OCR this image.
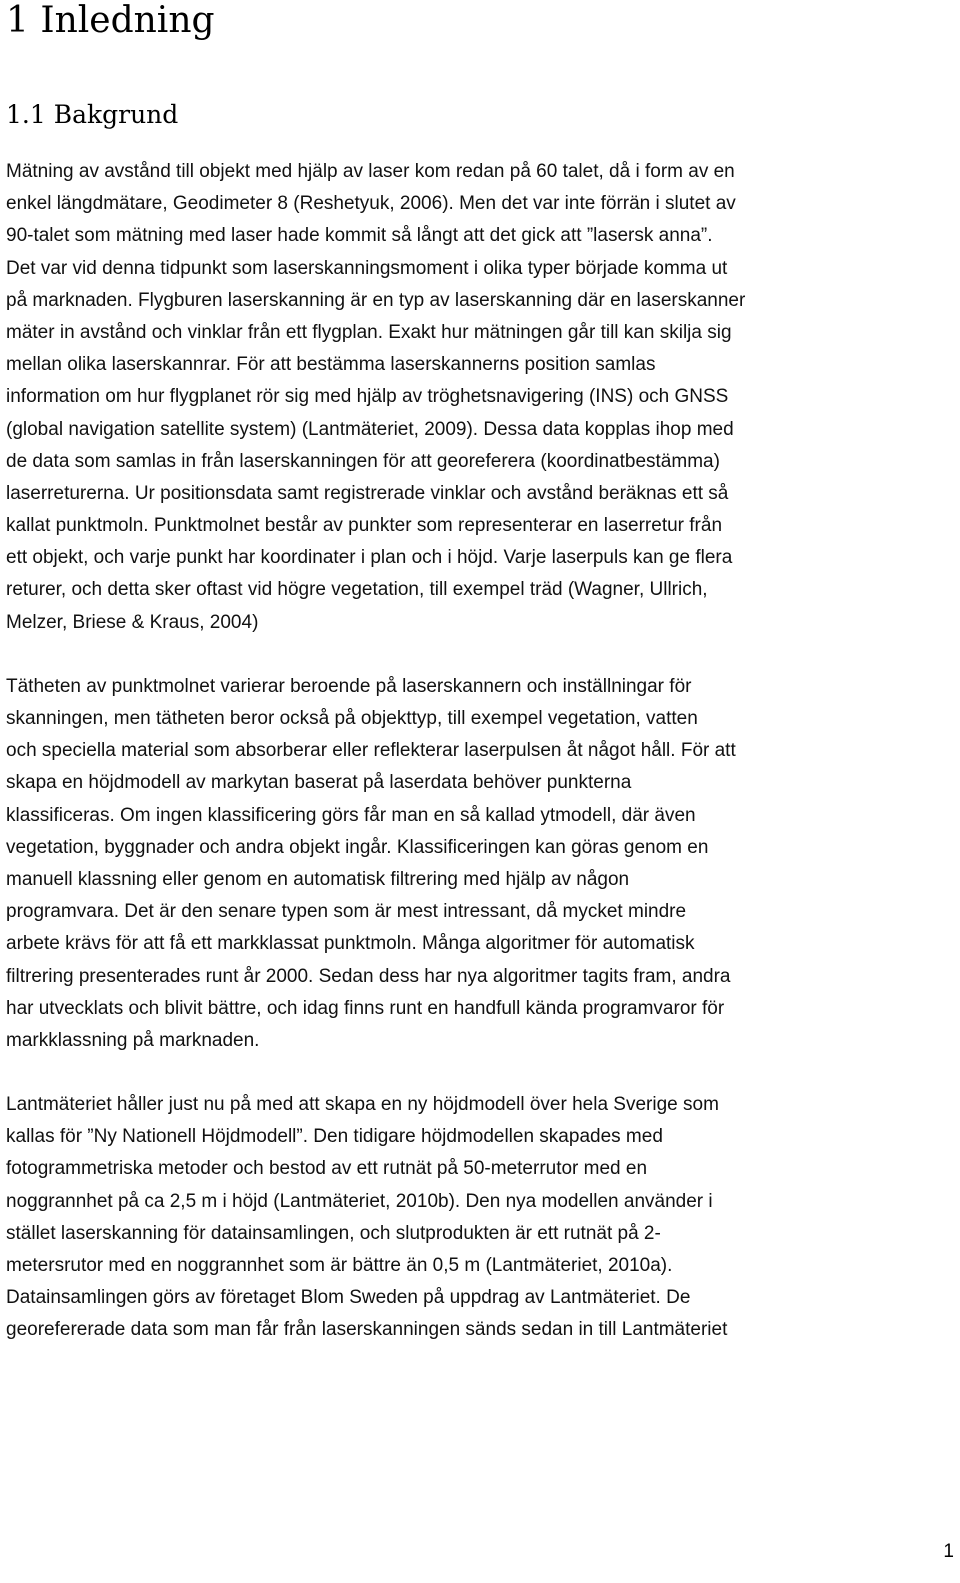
1 Inledning
1.1 Bakgrund

Mätning av avstånd till objekt med hjälp av laser kom redan på 60 talet, då i form av en
enkel längdmätare, Geodimeter 8 (Reshetyuk, 2006). Men det var inte förrän i slutet av
90-talet som mätning med laser hade kommit så långt att det gick att ”lasersk anna”.
Det var vid denna tidpunkt som laserskanningsmoment i olika typer började komma ut
på marknaden. Flygburen laserskanning är en typ av laserskanning där en laserskanner
mäter in avstånd och vinklar från ett flygplan. Exakt hur mätningen går till kan skilja sig
mellan olika laserskannrar. För att bestämma laserskannerns position samlas
information om hur flygplanet rör sig med hjälp av tröghetsnavigering (INS) och GNSS
(global navigation satellite system) (Lantmäteriet, 2009). Dessa data kopplas ihop med
de data som samlas in från laserskanningen för att georeferera (koordinatbestämma)
laserreturerna. Ur positionsdata samt registrerade vinklar och avstånd beräknas ett så
kallat punktmoln. Punktmolnet består av punkter som representerar en laserretur från
ett objekt, och varje punkt har koordinater i plan och i höjd. Varje laserpuls kan ge flera
returer, och detta sker oftast vid högre vegetation, till exempel träd (Wagner, Ullrich,
Melzer, Briese & Kraus, 2004)

Tätheten av punktmolnet varierar beroende på laserskannern och inställningar för
skanningen, men tätheten beror också på objekttyp, till exempel vegetation, vatten
och speciella material som absorberar eller reflekterar laserpulsen åt något håll. För att
skapa en höjdmodell av markytan baserat på laserdata behöver punkterna
klassificeras. Om ingen klassificering görs får man en så kallad ytmodell, där även
vegetation, byggnader och andra objekt ingår. Klassificeringen kan göras genom en
manuell klassning eller genom en automatisk filtrering med hjälp av någon
programvara. Det är den senare typen som är mest intressant, då mycket mindre
arbete krävs för att få ett markklassat punktmoln. Många algoritmer för automatisk
filtrering presenterades runt år 2000. Sedan dess har nya algoritmer tagits fram, andra
har utvecklats och blivit bättre, och idag finns runt en handfull kända programvaror för
markklassning på marknaden.

Lantmäteriet håller just nu på med att skapa en ny höjdmodell över hela Sverige som
kallas för ”Ny Nationell Höjdmodell”. Den tidigare höjdmodellen skapades med
fotogrammetriska metoder och bestod av ett rutnät på 50-meterrutor med en
noggrannhet på ca 2,5 m i höjd (Lantmäteriet, 2010b). Den nya modellen använder i
stället laserskanning för datainsamlingen, och slutprodukten är ett rutnät på 2-
metersrutor med en noggrannhet som är bättre än 0,5 m (Lantmäteriet, 2010a).
Datainsamlingen görs av företaget Blom Sweden på uppdrag av Lantmäteriet. De
georefererade data som man får från laserskanningen sänds sedan in till Lantmäteriet

1
